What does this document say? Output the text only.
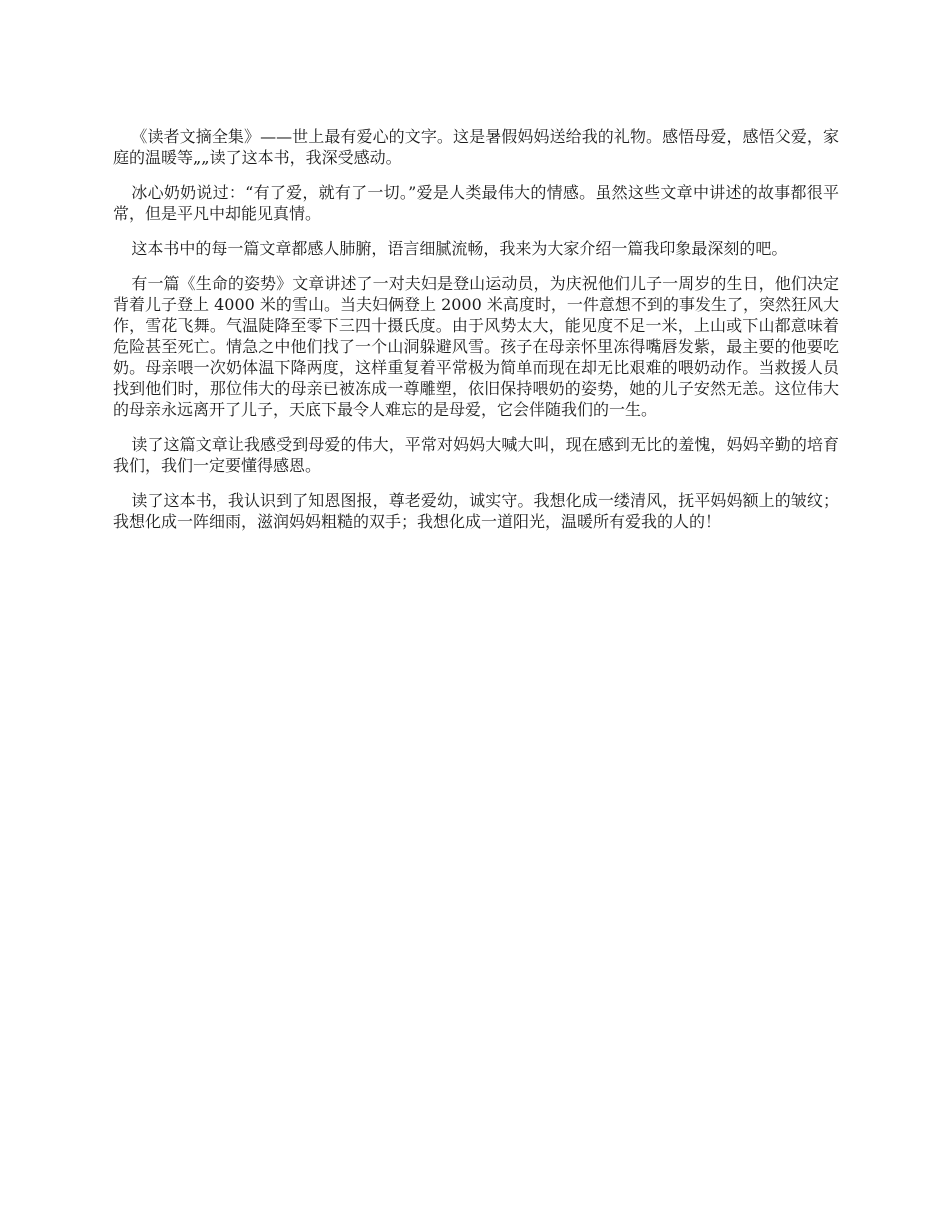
《读者文摘全集》——世上最有爱心的文字。这是暑假妈妈送给我的礼物。感悟母爱，感悟父爱，家庭的温暖等„„读了这本书，我深受感动。

冰心奶奶说过：“有了爱，就有了一切。”爱是人类最伟大的情感。虽然这些文章中讲述的故事都很平常，但是平凡中却能见真情。

这本书中的每一篇文章都感人肺腑，语言细腻流畅，我来为大家介绍一篇我印象最深刻的吧。

有一篇《生命的姿势》文章讲述了一对夫妇是登山运动员，为庆祝他们儿子一周岁的生日，他们决定背着儿子登上 4000 米的雪山。当夫妇俩登上 2000 米高度时，一件意想不到的事发生了，突然狂风大作，雪花飞舞。气温陡降至零下三四十摄氏度。由于风势太大，能见度不足一米，上山或下山都意味着危险甚至死亡。情急之中他们找了一个山洞躲避风雪。孩子在母亲怀里冻得嘴唇发紫，最主要的他要吃奶。母亲喂一次奶体温下降两度，这样重复着平常极为简单而现在却无比艰难的喂奶动作。当救援人员找到他们时，那位伟大的母亲已被冻成一尊雕塑，依旧保持喂奶的姿势，她的儿子安然无恙。这位伟大的母亲永远离开了儿子，天底下最令人难忘的是母爱，它会伴随我们的一生。

读了这篇文章让我感受到母爱的伟大，平常对妈妈大喊大叫，现在感到无比的羞愧，妈妈辛勤的培育我们，我们一定要懂得感恩。

读了这本书，我认识到了知恩图报，尊老爱幼，诚实守。我想化成一缕清风，抚平妈妈额上的皱纹；我想化成一阵细雨，滋润妈妈粗糙的双手；我想化成一道阳光，温暖所有爱我的人的！
